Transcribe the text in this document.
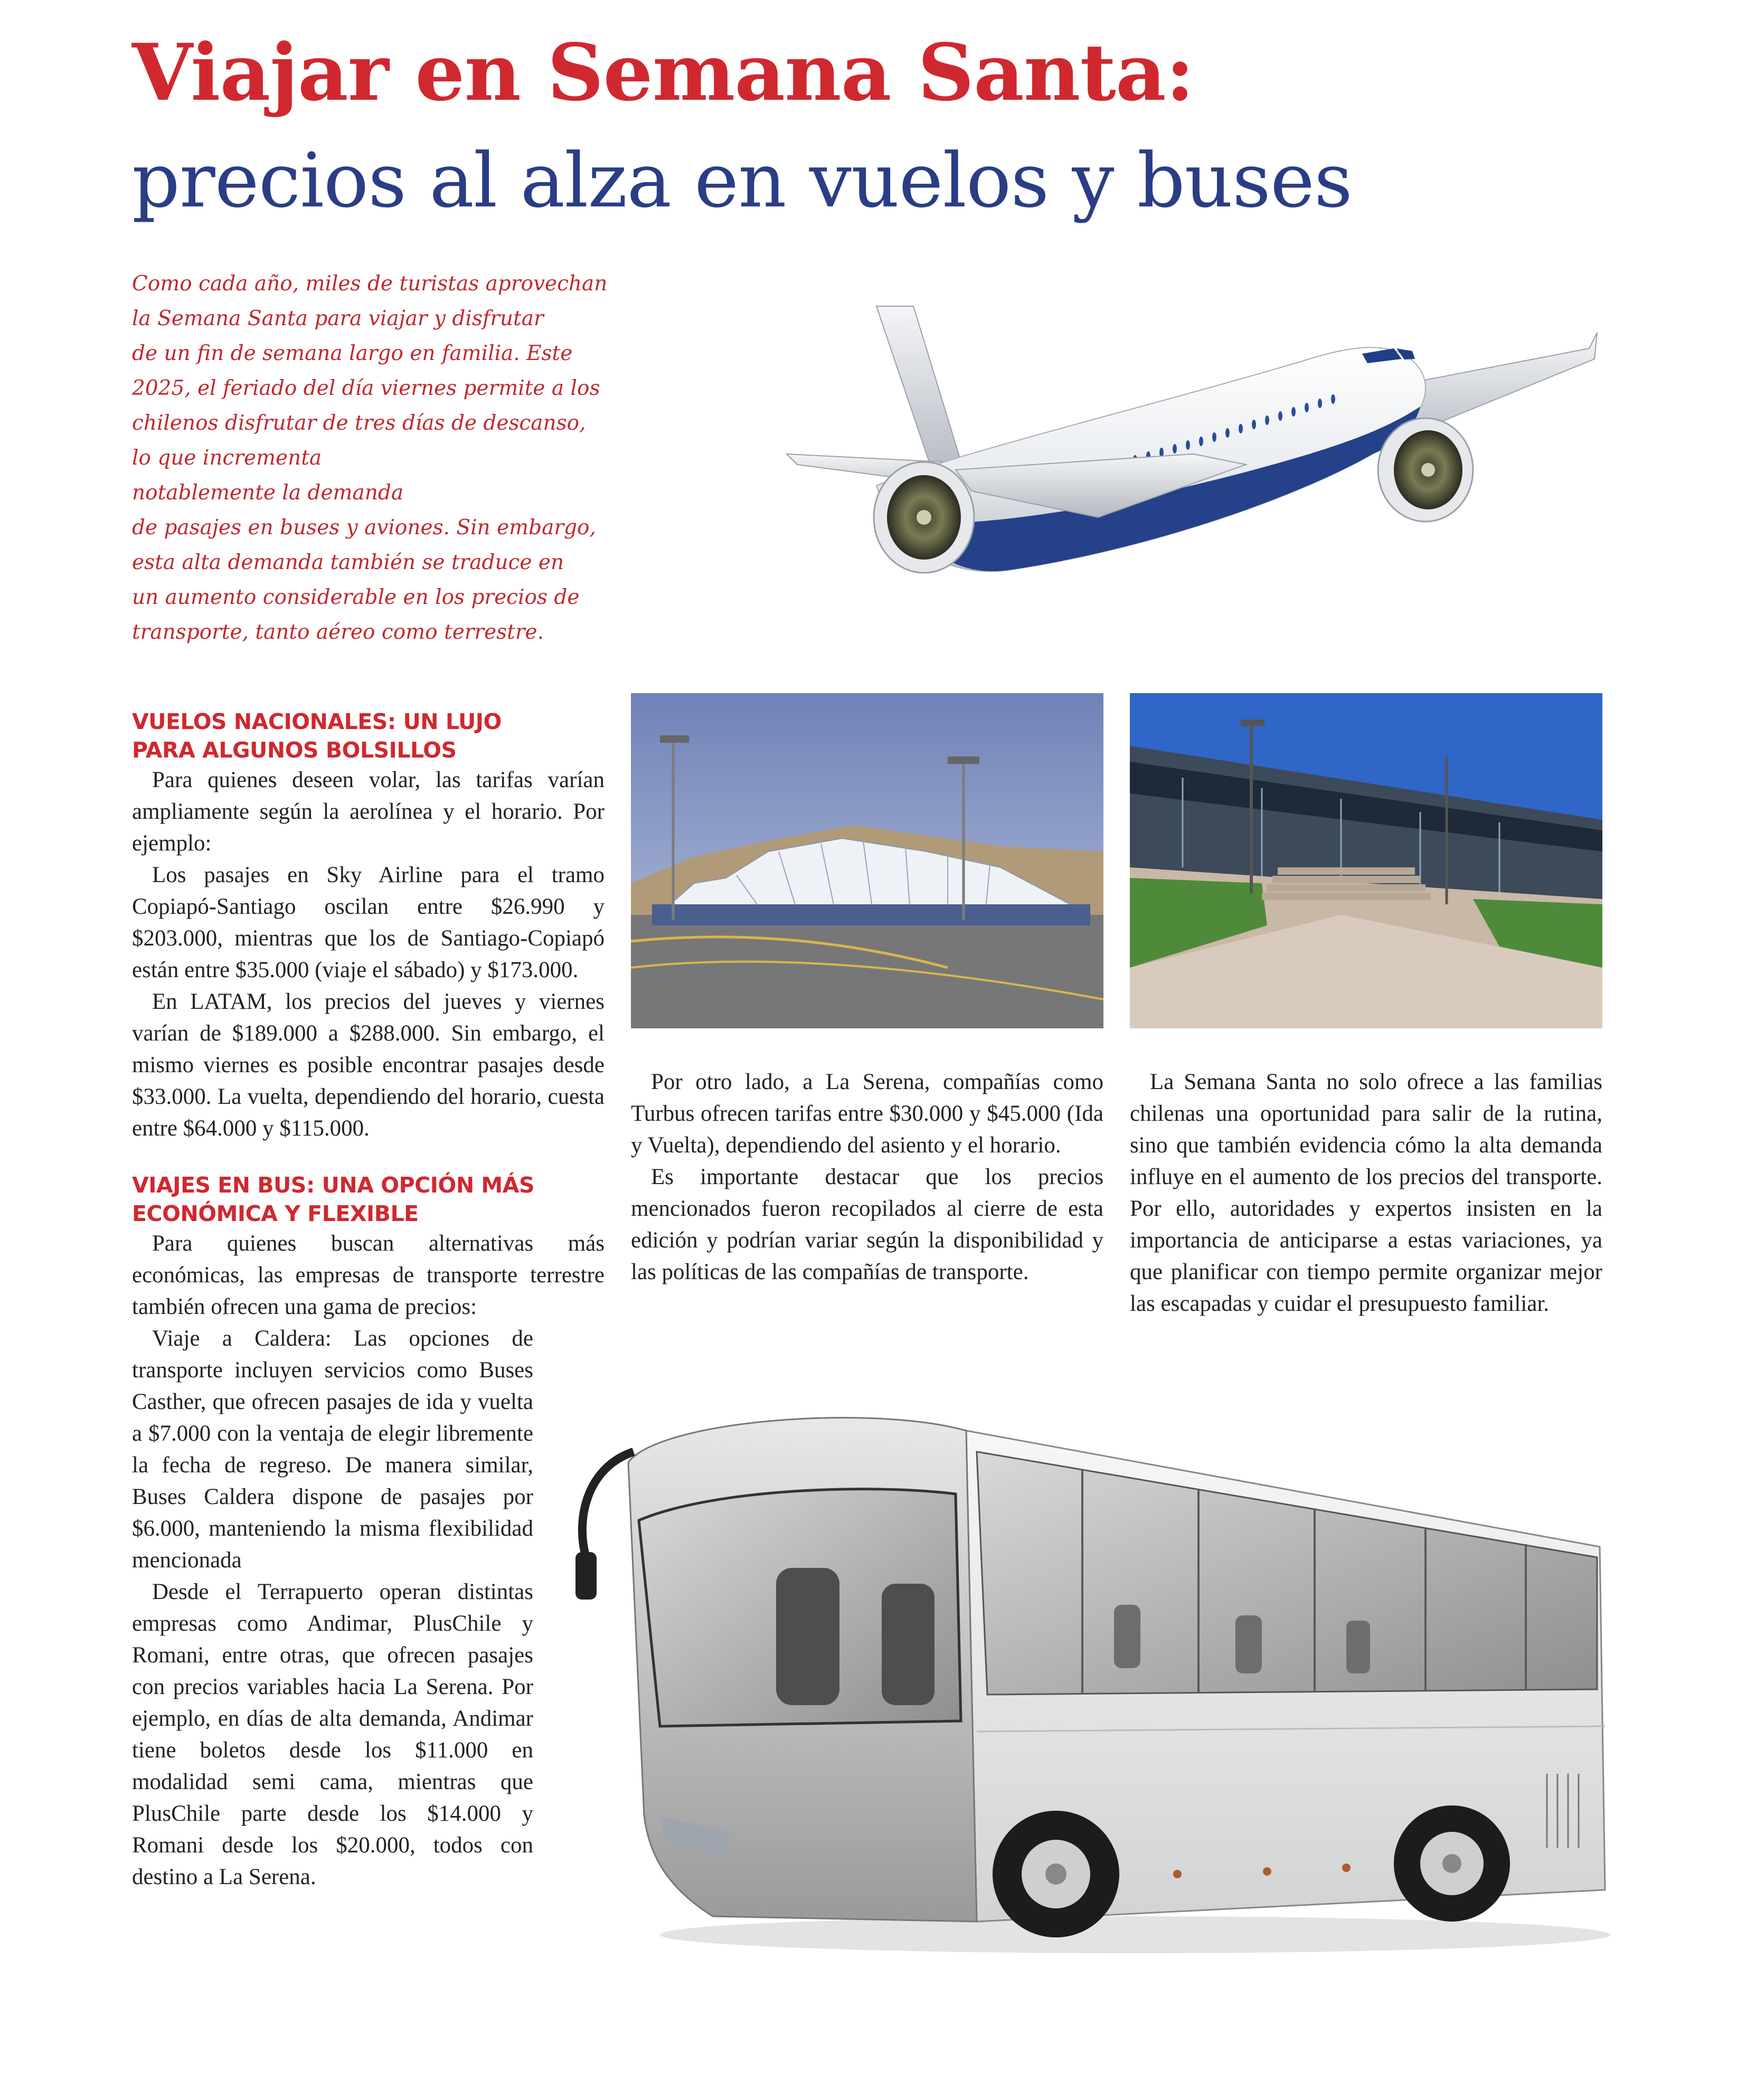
Viajar en Semana Santa:
precios al alza en vuelos y buses
Como cada año, miles de turistas aprovechan
la Semana Santa para viajar y disfrutar
de un fin de semana largo en familia. Este
2025, el feriado del día viernes permite a los
chilenos disfrutar de tres días de descanso,
lo que incrementa
notablemente la demanda
de pasajes en buses y aviones. Sin embargo,
esta alta demanda también se traduce en
un aumento considerable en los precios de
transporte, tanto aéreo como terrestre.
VUELOS NACIONALES: UN LUJO
PARA ALGUNOS BOLSILLOS

Para quienes deseen volar, las tarifas varían ampliamente según la aerolínea y el horario. Por ejemplo:

Los pasajes en Sky Airline para el tramo Copiapó-Santiago oscilan entre $26.990 y $203.000, mientras que los de Santiago-Copiapó están entre $35.000 (viaje el sábado) y $173.000.

En LATAM, los precios del jueves y viernes varían de $189.000 a $288.000. Sin embargo, el mismo viernes es posible encontrar pasajes desde $33.000. La vuelta, dependiendo del horario, cuesta entre $64.000 y $115.000.

VIAJES EN BUS: UNA OPCIÓN MÁS
ECONÓMICA Y FLEXIBLE

Para quienes buscan alternativas más económicas, las empresas de transporte terrestre también ofrecen una gama de precios:

Viaje a Caldera: Las opciones de transporte incluyen servicios como Buses Casther, que ofrecen pasajes de ida y vuelta a $7.000 con la ventaja de elegir libremente la fecha de regreso. De manera similar, Buses Caldera dispone de pasajes por $6.000, manteniendo la misma flexibilidad mencionada

Desde el Terrapuerto operan distintas empresas como Andimar, PlusChile y Romani, entre otras, que ofrecen pasajes con precios variables hacia La Serena. Por ejemplo, en días de alta demanda, Andimar tiene boletos desde los $11.000 en modalidad semi cama, mientras que PlusChile parte desde los $14.000 y Romani desde los $20.000, todos con destino a La Serena.

Por otro lado, a La Serena, compañías como Turbus ofrecen tarifas entre $30.000 y $45.000 (Ida y Vuelta), dependiendo del asiento y el horario.

Es importante destacar que los precios mencionados fueron recopilados al cierre de esta edición y podrían variar según la disponibilidad y las políticas de las compañías de transporte.

La Semana Santa no solo ofrece a las familias chilenas una oportunidad para salir de la rutina, sino que también evidencia cómo la alta demanda influye en el aumento de los precios del transporte. Por ello, autoridades y expertos insisten en la importancia de anticiparse a estas variaciones, ya que planificar con tiempo permite organizar mejor las escapadas y cuidar el presupuesto familiar.
